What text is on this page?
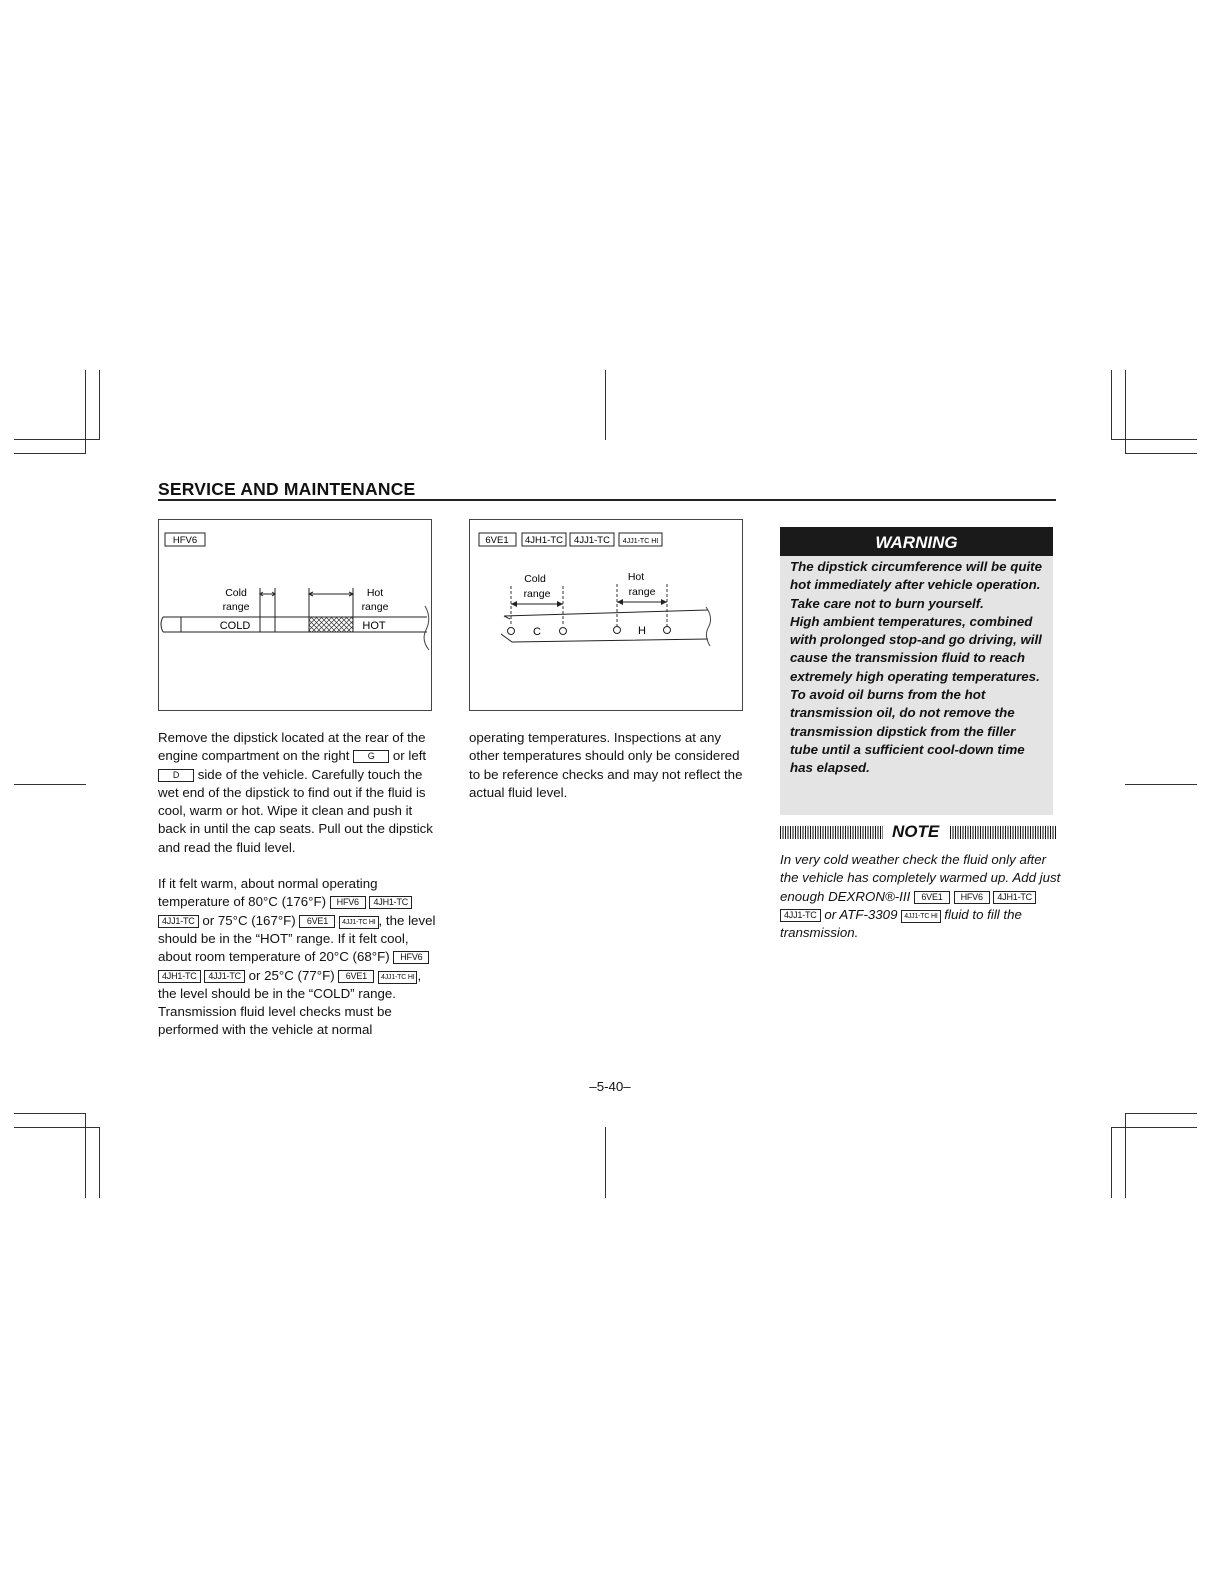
SERVICE AND MAINTENANCE
HFV6
Cold
range
Hot
range
COLD	HOT
6VE1 4JH1-TC 4JJ1-TC 4JJ1-TC HI
Cold
range
Hot
range
C	H

Remove the dipstick located at the rear of the engine compartment on the right G or left D side of the vehicle. Carefully touch the wet end of the dipstick to find out if the fluid is cool, warm or hot. Wipe it clean and push it back in until the cap seats. Pull out the dipstick and read the fluid level.

If it felt warm, about normal operating temperature of 80°C (176°F) HFV6 4JH1-TC 4JJ1-TC or 75°C (167°F) 6VE1 4JJ1-TC HI , the level should be in the “HOT” range. If it felt cool, about room temperature of 20°C (68°F) HFV6 4JH1-TC 4JJ1-TC or 25°C (77°F) 6VE1 4JJ1-TC HI , the level should be in the “COLD” range.

Transmission fluid level checks must be performed with the vehicle at normal

operating temperatures. Inspections at any other temperatures should only be considered to be reference checks and may not reflect the actual fluid level.

WARNING

The dipstick circumference will be quite hot immediately after vehicle operation. Take care not to burn yourself.

High ambient temperatures, combined with prolonged stop-and go driving, will cause the transmission fluid to reach extremely high operating temperatures.

To avoid oil burns from the hot transmission oil, do not remove the transmission dipstick from the filler tube until a sufficient cool-down time has elapsed.

NOTE
In very cold weather check the fluid only after the vehicle has completely warmed up. Add just enough DEXRON®-III 6VE1 HFV6 4JH1-TC 4JJ1-TC or ATF-3309 4JJ1-TC HI fluid to fill the transmission.
–5-40–
